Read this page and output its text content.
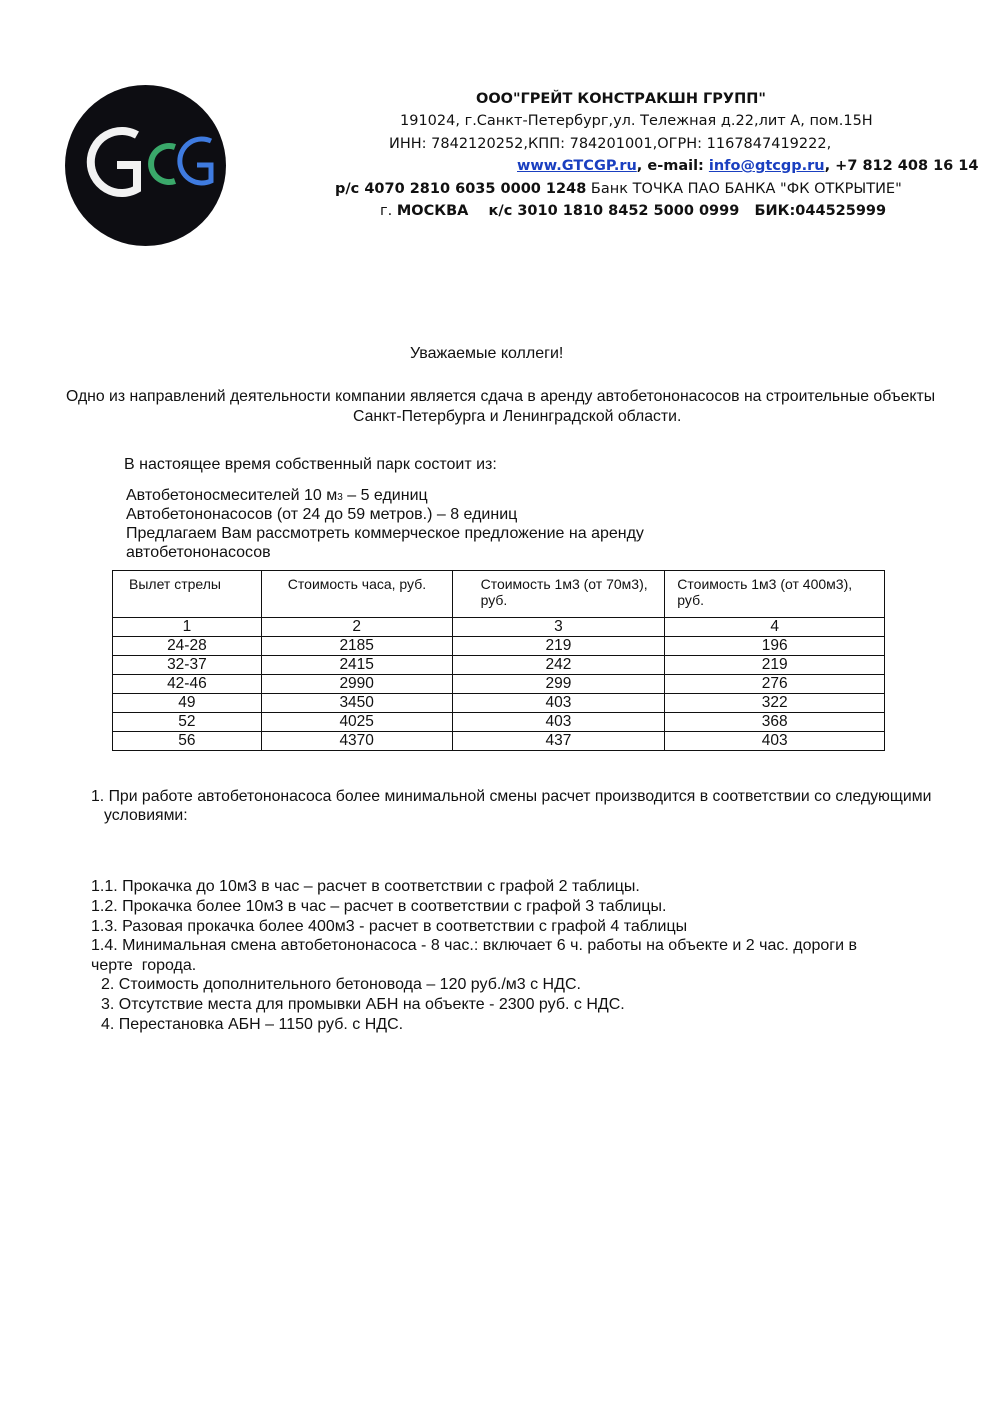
ООО"ГРЕЙТ КОНСТРАКШН ГРУПП"
191024, г.Санкт-Петербург,ул. Тележная д.22,лит А, пом.15Н
ИНН: 7842120252,КПП: 784201001,ОГРН: 1167847419222,
www.GTCGP.ru, e-mail: info@gtcgp.ru, +7 812 408 16 14
р/с 4070 2810 6035 0000 1248 Банк ТОЧКА ПАО БАНКА "ФК ОТКРЫТИЕ"
г. МОСКВА    к/с 3010 1810 8452 5000 0999   БИК:044525999
Уважаемые коллеги!
Одно из направлений деятельности компании является сдача в аренду автобетононасосов на строительные объекты
Санкт-Петербурга и Ленинградской области.
В настоящее время собственный парк состоит из:
Автобетоносмесителей 10 м3 – 5 единиц
Автобетононасосов (от 24 до 59 метров.) – 8 единиц
Предлагаем Вам рассмотреть коммерческое предложение на аренду
автобетононасосов
Вылет стрелы	Стоимость часа, руб.	Стоимость 1м3 (от 70м3), руб.	Стоимость 1м3 (от 400м3), руб.
1	2	3	4
24-28	2185	219	196
32-37	2415	242	219
42-46	2990	299	276
49	3450	403	322
52	4025	403	368
56	4370	437	403
1. При работе автобетононасоса более минимальной смены расчет производится в соответствии со следующими
условиями:
1.1. Прокачка до 10м3 в час – расчет в соответствии с графой 2 таблицы.
1.2. Прокачка более 10м3 в час – расчет в соответствии с графой 3 таблицы.
1.3. Разовая прокачка более 400м3 - расчет в соответствии с графой 4 таблицы
1.4. Минимальная смена автобетононасоса - 8 час.: включает 6 ч. работы на объекте и 2 час. дороги в
черте  города.
2. Стоимость дополнительного бетоновода – 120 руб./м3 с НДС.
3. Отсутствие места для промывки АБН на объекте - 2300 руб. с НДС.
4. Перестановка АБН – 1150 руб. с НДС.
